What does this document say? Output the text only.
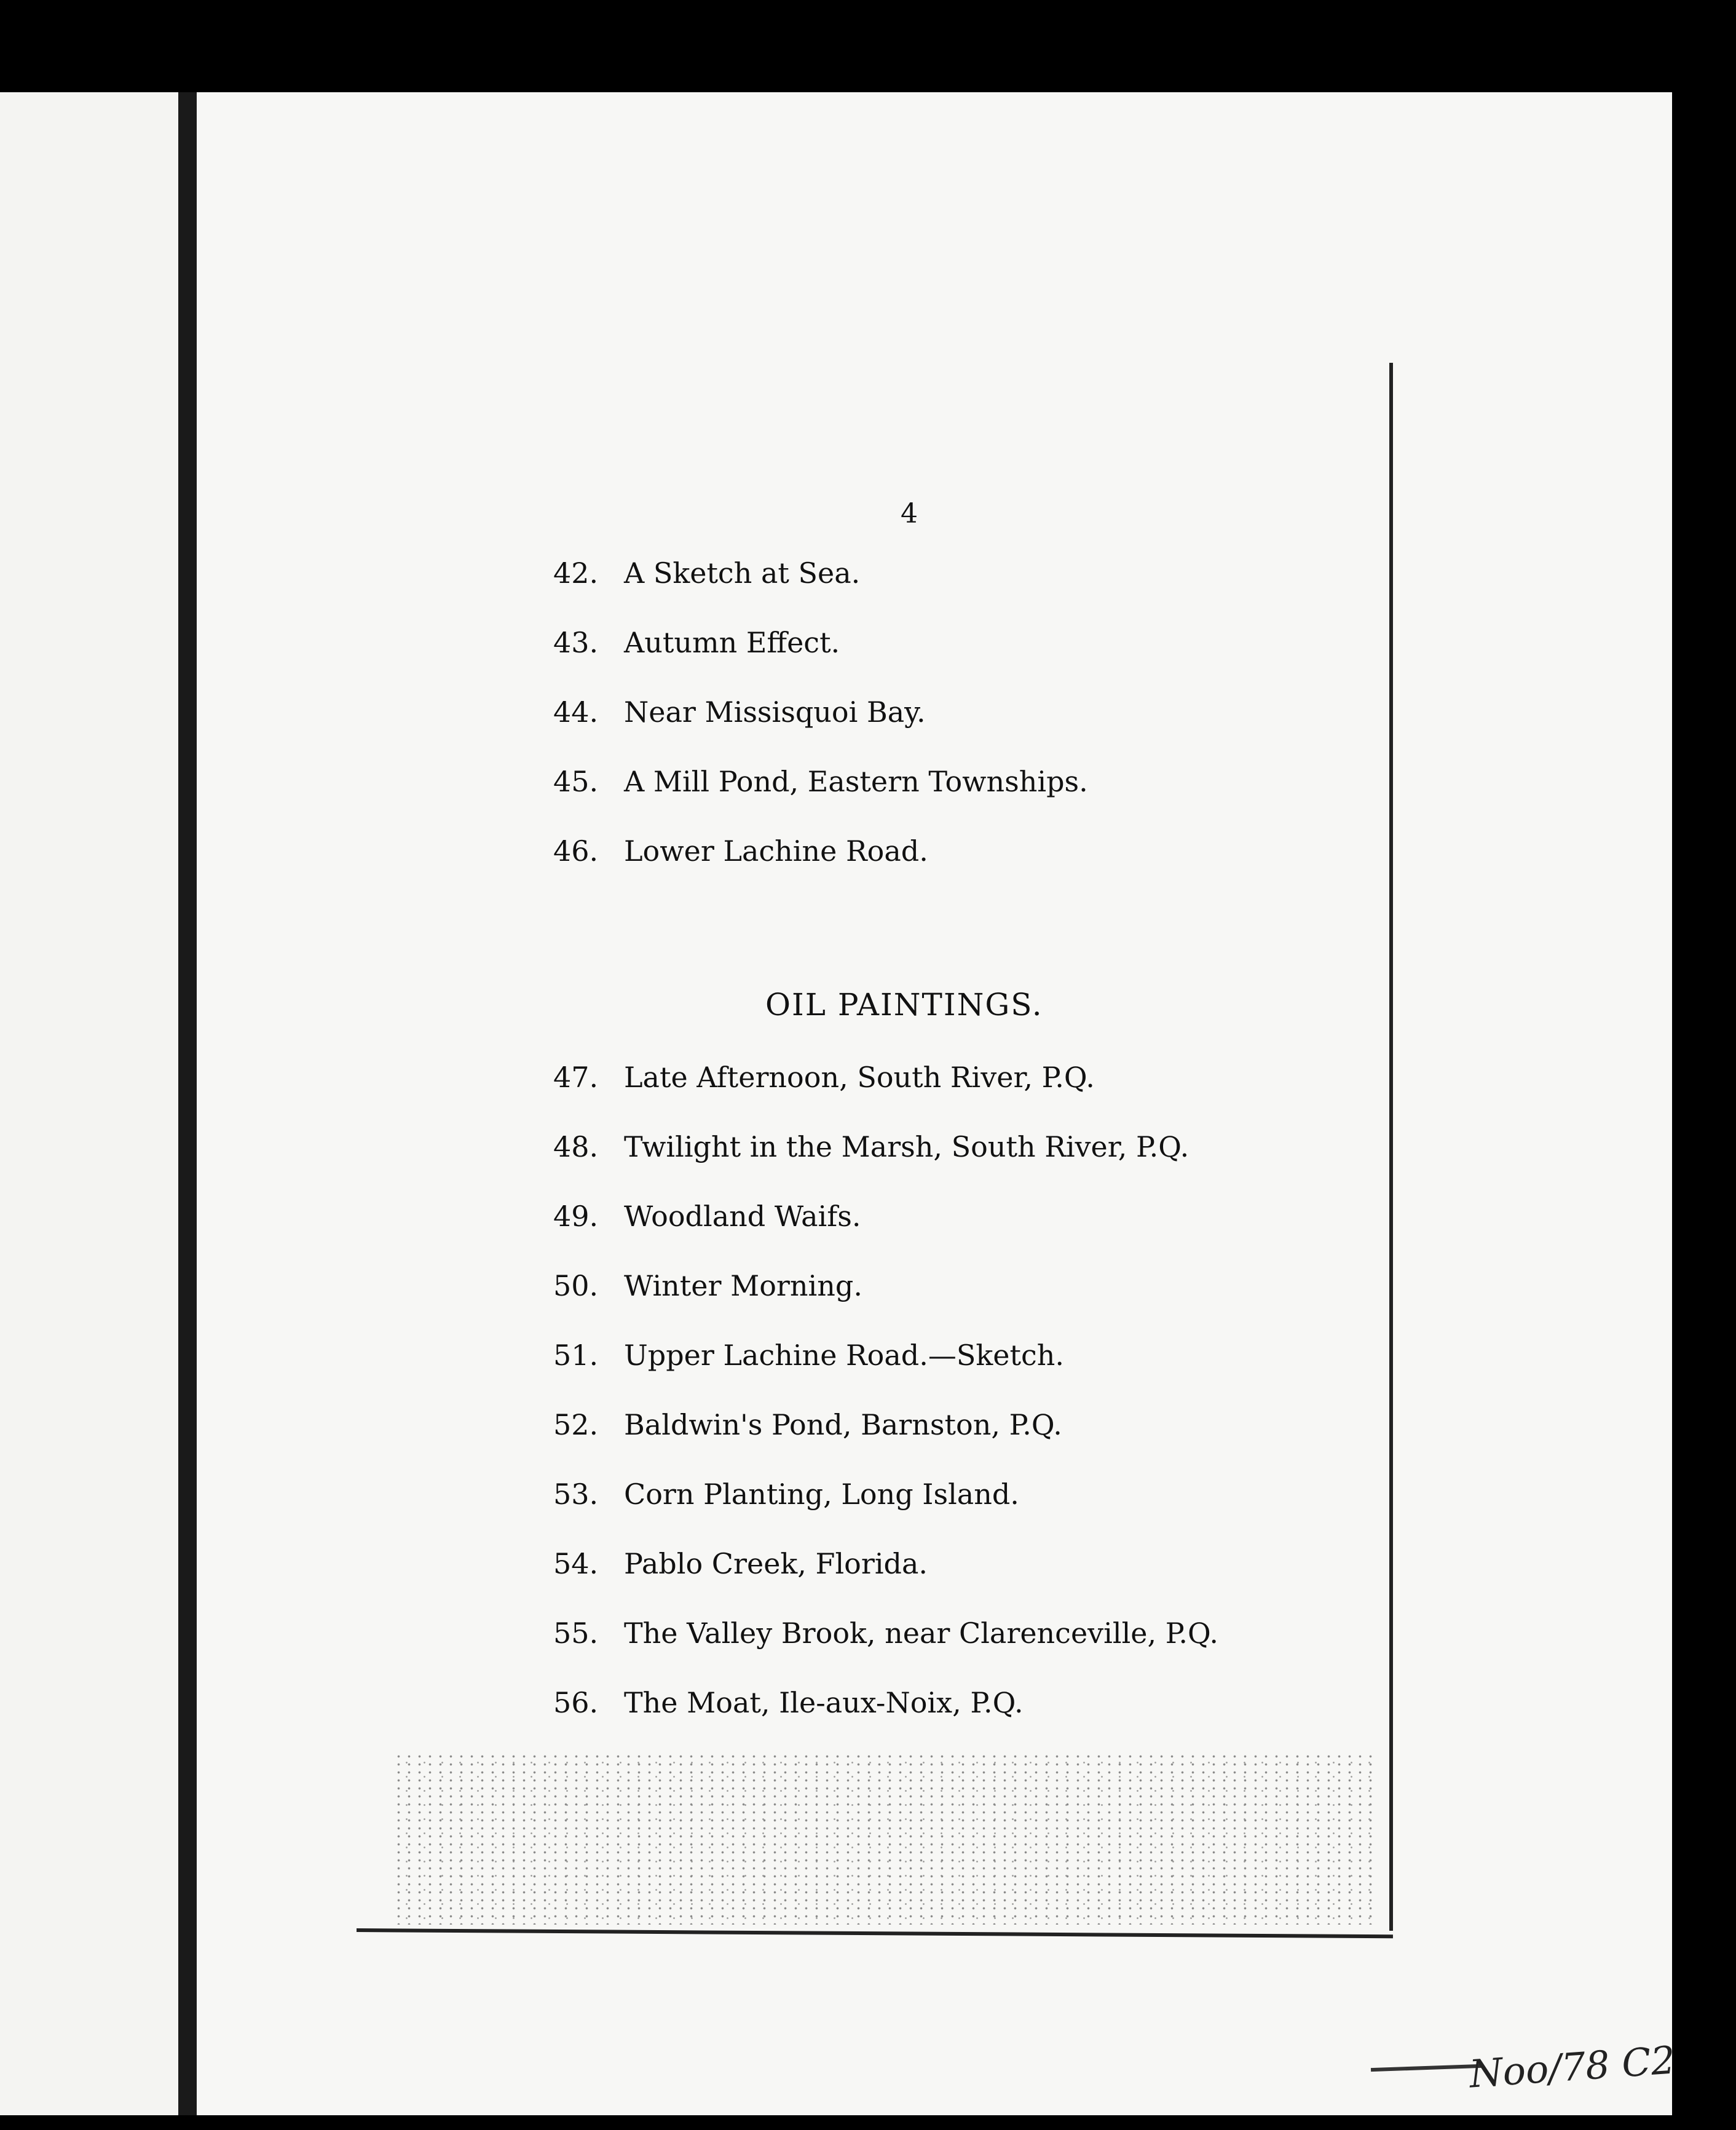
4
42. A Sketch at Sea.
43. Autumn Effect.
44. Near Missisquoi Bay.
45. A Mill Pond, Eastern Townships.
46. Lower Lachine Road.
OIL PAINTINGS.
47. Late Afternoon, South River, P.Q.
48. Twilight in the Marsh, South River, P.Q.
49. Woodland Waifs.
50. Winter Morning.
51. Upper Lachine Road.—Sketch.
52. Baldwin's Pond, Barnston, P.Q.
53. Corn Planting, Long Island.
54. Pablo Creek, Florida.
55. The Valley Brook, near Clarenceville, P.Q.
56. The Moat, Ile-aux-Noix, P.Q.
Noo/78 C2
